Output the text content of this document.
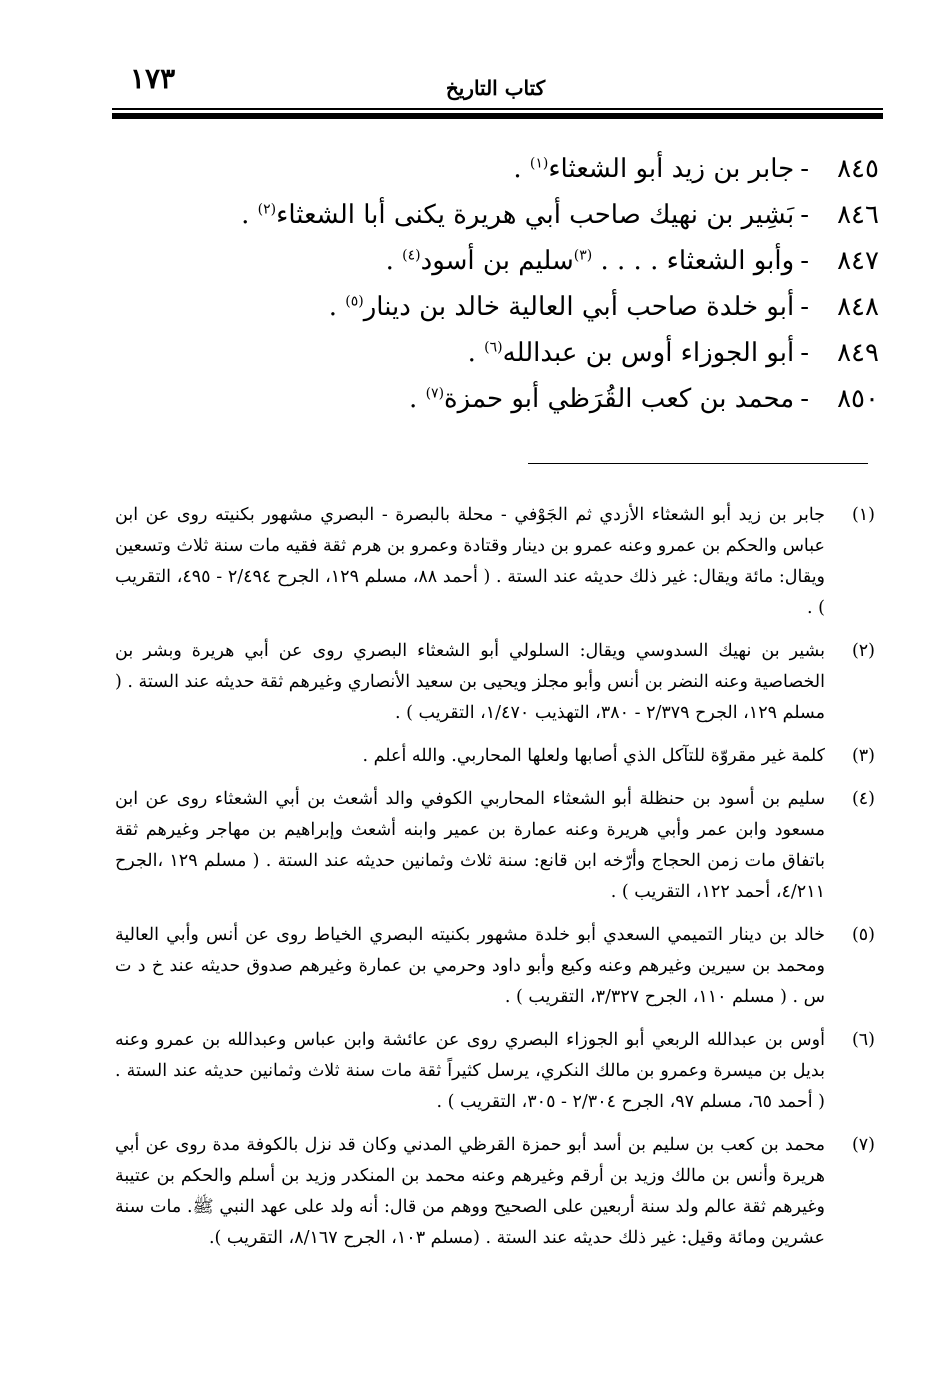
١٧٣	كتاب التاريخ
٨٤٥-جابر بن زيد أبو الشعثاء$^{(١)}$ .
٨٤٦-بَشِير بن نهيك صاحب أبي هريرة يكنى أبا الشعثاء$^{(٢)}$ .
٨٤٧-وأبو الشعثاء . . . . $^{(٣)}$سليم بن أسود$^{(٤)}$ .
٨٤٨-أبو خلدة صاحب أبي العالية خالد بن دينار$^{(٥)}$ .
٨٤٩-أبو الجوزاء أوس بن عبدالله$^{(٦)}$ .
٨٥٠-محمد بن كعب القُرَظي أبو حمزة$^{(٧)}$ .
(١)
جابر بن زيد أبو الشعثاء الأزدي ثم الجَوْفي - محلة بالبصرة - البصري مشهور بكنيته روى عن ابن عباس والحكم بن عمرو وعنه عمرو بن دينار وقتادة وعمرو بن هرم ثقة فقيه مات سنة ثلاث وتسعين ويقال: مائة ويقال: غير ذلك حديثه عند الستة . ( أحمد ٨٨، مسلم ١٢٩، الجرح ٢/٤٩٤ - ٤٩٥، التقريب ) .
(٢)
بشير بن نهيك السدوسي ويقال: السلولي أبو الشعثاء البصري روى عن أبي هريرة وبشر بن الخصاصية وعنه النضر بن أنس وأبو مجلز ويحيى بن سعيد الأنصاري وغيرهم ثقة حديثه عند الستة . ( مسلم ١٢٩، الجرح ٢/٣٧٩ - ٣٨٠، التهذيب ١/٤٧٠، التقريب ) .
(٣)
كلمة غير مقروّة للتآكل الذي أصابها ولعلها المحاربي. والله أعلم .
(٤)
سليم بن أسود بن حنظلة أبو الشعثاء المحاربي الكوفي والد أشعث بن أبي الشعثاء روى عن ابن مسعود وابن عمر وأبي هريرة وعنه عمارة بن عمير وابنه أشعث وإبراهيم بن مهاجر وغيرهم ثقة باتفاق مات زمن الحجاج وأرّخه ابن قانع: سنة ثلاث وثمانين حديثه عند الستة . ( مسلم ١٢٩ ،الجرح ٤/٢١١، أحمد ١٢٢، التقريب ) .
(٥)
خالد بن دينار التميمي السعدي أبو خلدة مشهور بكنيته البصري الخياط روى عن أنس وأبي العالية ومحمد بن سيرين وغيرهم وعنه وكيع وأبو داود وحرمي بن عمارة وغيرهم صدوق حديثه عند خ د ت س . ( مسلم ١١٠، الجرح ٣/٣٢٧، التقريب ) .
(٦)
أوس بن عبدالله الربعي أبو الجوزاء البصري روى عن عائشة وابن عباس وعبدالله بن عمرو وعنه بديل بن ميسرة وعمرو بن مالك النكري، يرسل كثيراً ثقة مات سنة ثلاث وثمانين حديثه عند الستة . ( أحمد ٦٥، مسلم ٩٧، الجرح ٢/٣٠٤ - ٣٠٥، التقريب ) .
(٧)
محمد بن كعب بن سليم بن أسد أبو حمزة القرظي المدني وكان قد نزل بالكوفة مدة روى عن أبي هريرة وأنس بن مالك وزيد بن أرقم وغيرهم وعنه محمد بن المنكدر وزيد بن أسلم والحكم بن عتيبة وغيرهم ثقة عالم ولد سنة أربعين على الصحيح ووهم من قال: أنه ولد على عهد النبي ﷺ. مات سنة عشرين ومائة وقيل: غير ذلك حديثه عند الستة . (مسلم ١٠٣، الجرح ٨/١٦٧، التقريب ).
